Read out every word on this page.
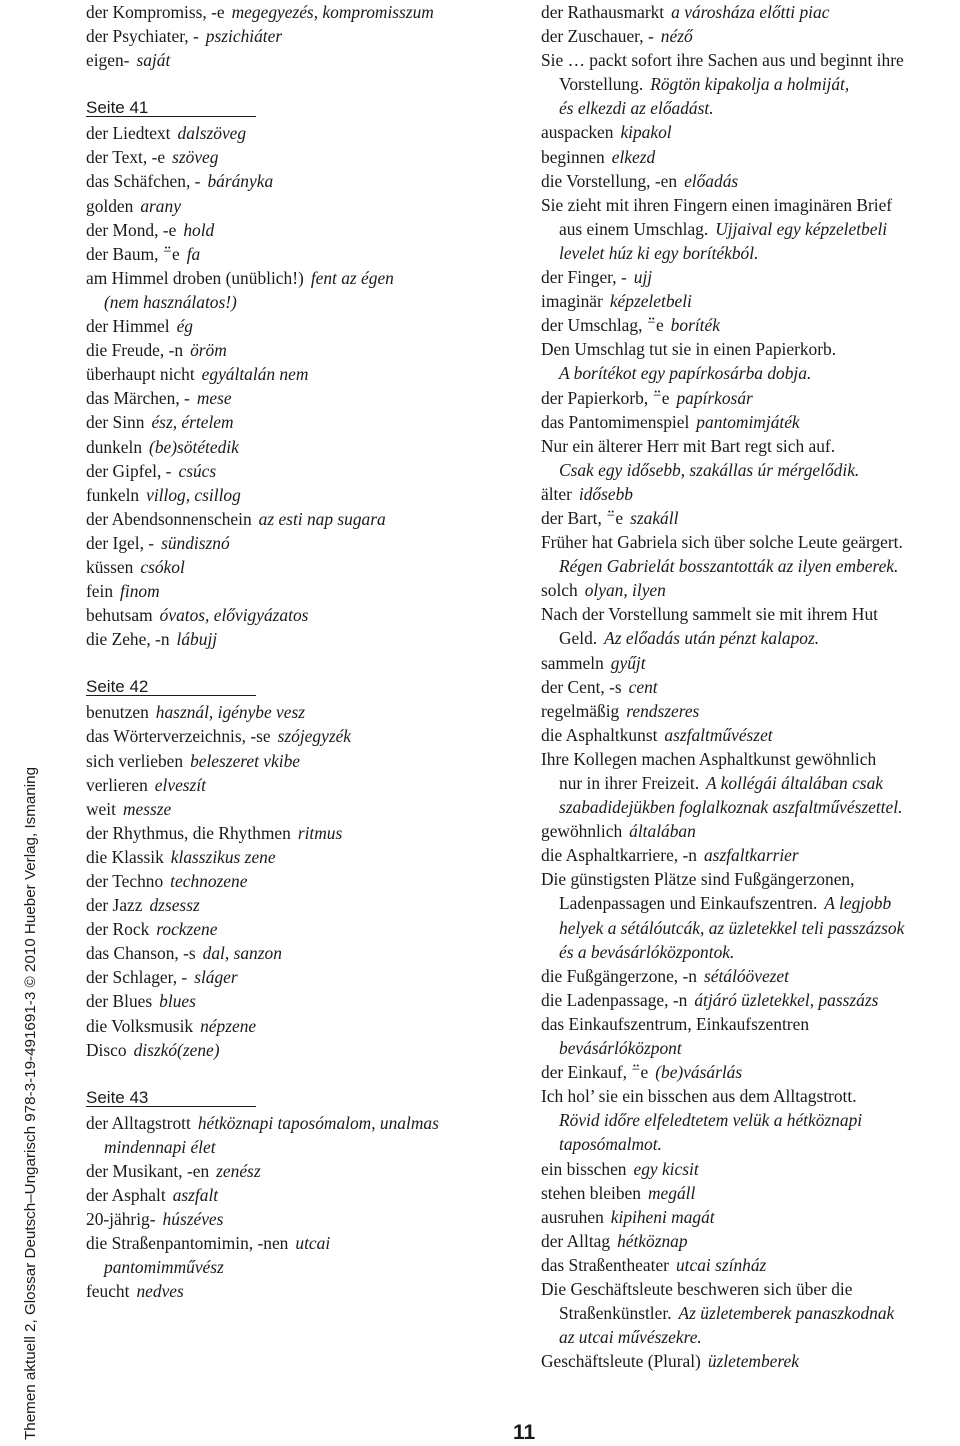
Themen aktuell 2, Glossar Deutsch–Ungarisch 978-3-19-491691-3 © 2010 Hueber Verlag, Ismaning
der Kompromiss, -e megegyezés, kompromisszum
der Psychiater, - pszichiáter
eigen- saját
Seite 41
der Liedtext dalszöveg
der Text, -e szöveg
das Schäfchen, - bárányka
golden arany
der Mond, -e hold
der Baum, ⁻̈e fa
am Himmel droben (unüblich!) fent az égen
(nem használatos!)
der Himmel ég
die Freude, -n öröm
überhaupt nicht egyáltalán nem
das Märchen, - mese
der Sinn ész, értelem
dunkeln (be)sötétedik
der Gipfel, - csúcs
funkeln villog, csillog
der Abendsonnenschein az esti nap sugara
der Igel, - sündisznó
küssen csókol
fein finom
behutsam óvatos, elővigyázatos
die Zehe, -n lábujj
Seite 42
benutzen használ, igénybe vesz
das Wörterverzeichnis, -se szójegyzék
sich verlieben beleszeret vkibe
verlieren elveszít
weit messze
der Rhythmus, die Rhythmen ritmus
die Klassik klasszikus zene
der Techno technozene
der Jazz dzsessz
der Rock rockzene
das Chanson, -s dal, sanzon
der Schlager, - sláger
der Blues blues
die Volksmusik népzene
Disco diszkó(zene)
Seite 43
der Alltagstrott hétköznapi taposómalom, unalmas
mindennapi élet
der Musikant, -en zenész
der Asphalt aszfalt
20-jährig- húszéves
die Straßenpantomimin, -nen utcai
pantomimművész
feucht nedves
der Rathausmarkt a városháza előtti piac
der Zuschauer, - néző
Sie … packt sofort ihre Sachen aus und beginnt ihre
Vorstellung. Rögtön kipakolja a holmiját,
és elkezdi az előadást.
auspacken kipakol
beginnen elkezd
die Vorstellung, -en előadás
Sie zieht mit ihren Fingern einen imaginären Brief
aus einem Umschlag. Ujjaival egy képzeletbeli
levelet húz ki egy borítékból.
der Finger, - ujj
imaginär képzeletbeli
der Umschlag, ⁻̈e boríték
Den Umschlag tut sie in einen Papierkorb.
A borítékot egy papírkosárba dobja.
der Papierkorb, ⁻̈e papírkosár
das Pantomimenspiel pantomimjáték
Nur ein älterer Herr mit Bart regt sich auf.
Csak egy idősebb, szakállas úr mérgelődik.
älter idősebb
der Bart, ⁻̈e szakáll
Früher hat Gabriela sich über solche Leute geärgert.
Régen Gabrielát bosszantották az ilyen emberek.
solch olyan, ilyen
Nach der Vorstellung sammelt sie mit ihrem Hut
Geld. Az előadás után pénzt kalapoz.
sammeln gyűjt
der Cent, -s cent
regelmäßig rendszeres
die Asphaltkunst aszfaltművészet
Ihre Kollegen machen Asphaltkunst gewöhnlich
nur in ihrer Freizeit. A kollégái általában csak
szabadidejükben foglalkoznak aszfaltművészettel.
gewöhnlich általában
die Asphaltkarriere, -n aszfaltkarrier
Die günstigsten Plätze sind Fußgängerzonen,
Ladenpassagen und Einkaufszentren. A legjobb
helyek a sétálóutcák, az üzletekkel teli passzázsok
és a bevásárlóközpontok.
die Fußgängerzone, -n sétálóövezet
die Ladenpassage, -n átjáró üzletekkel, passzázs
das Einkaufszentrum, Einkaufszentren
bevásárlóközpont
der Einkauf, ⁻̈e (be)vásárlás
Ich hol’ sie ein bisschen aus dem Alltagstrott.
Rövid időre elfeledtetem velük a hétköznapi
taposómalmot.
ein bisschen egy kicsit
stehen bleiben megáll
ausruhen kipiheni magát
der Alltag hétköznap
das Straßentheater utcai színház
Die Geschäftsleute beschweren sich über die
Straßenkünstler. Az üzletemberek panaszkodnak
az utcai művészekre.
Geschäftsleute (Plural) üzletemberek
11
